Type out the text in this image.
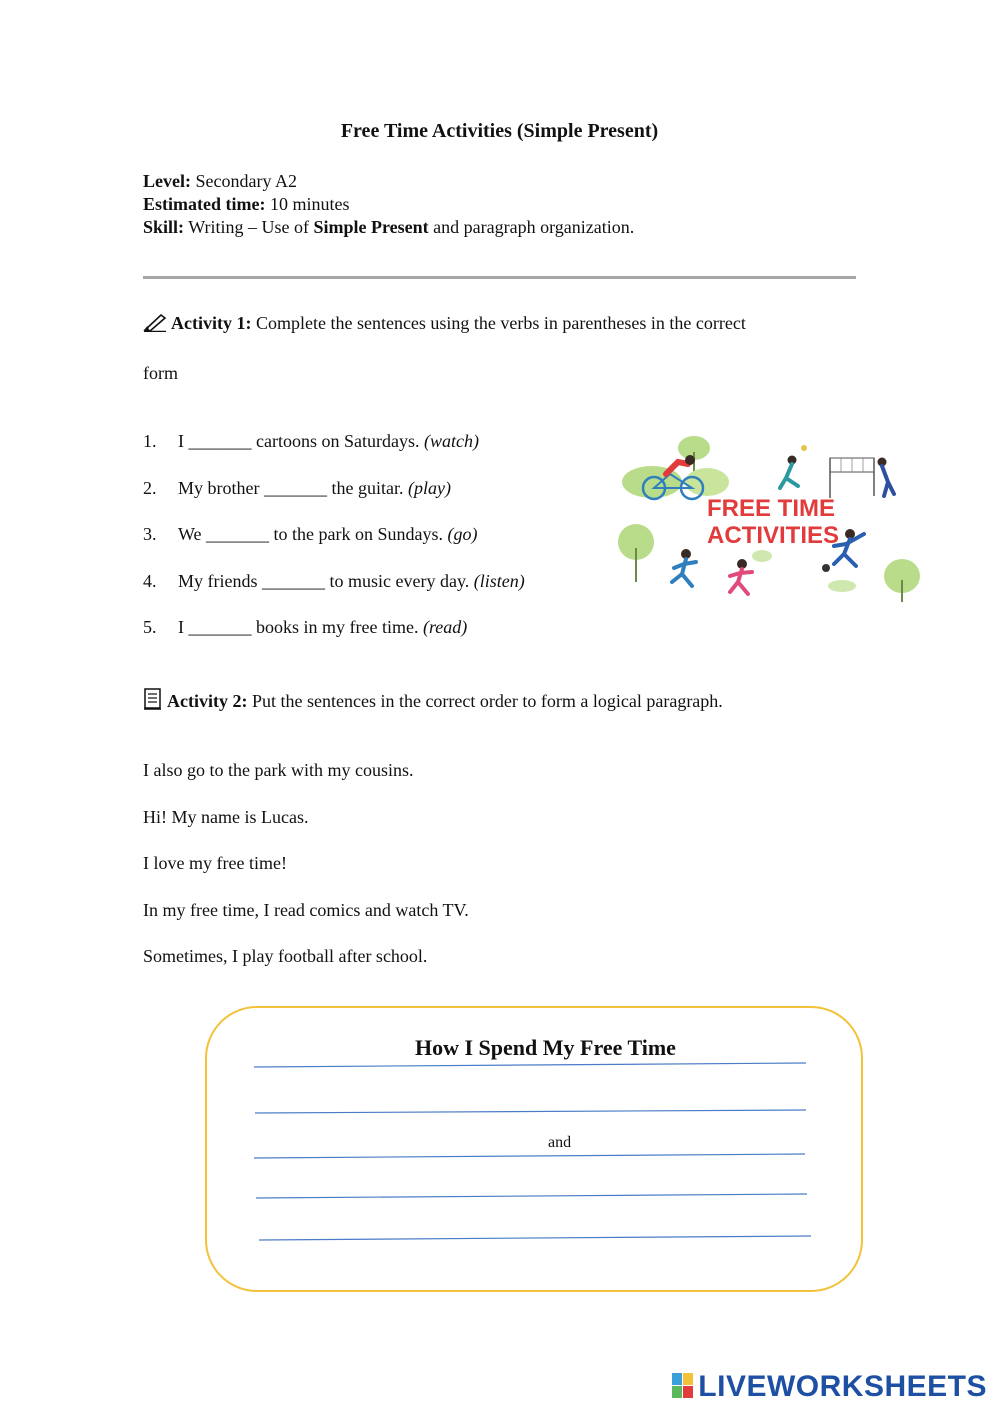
Free Time Activities (Simple Present)
Level: Secondary A2
Estimated time: 10 minutes
Skill: Writing – Use of Simple Present and paragraph organization.
Activity 1: Complete the sentences using the verbs in parentheses in the correct
form
1.	I _______ cartoons on Saturdays. (watch)
2.	My brother _______ the guitar. (play)
3.	We _______ to the park on Sundays. (go)
4.	My friends _______ to music every day. (listen)
5.	I _______ books in my free time. (read)
FREE TIME
ACTIVITIES
Activity 2: Put the sentences in the correct order to form a logical paragraph.
I also go to the park with my cousins.
Hi! My name is Lucas.
I love my free time!
In my free time, I read comics and watch TV.
Sometimes, I play football after school.
How I Spend My Free Time
and
LIVEWORKSHEETS
